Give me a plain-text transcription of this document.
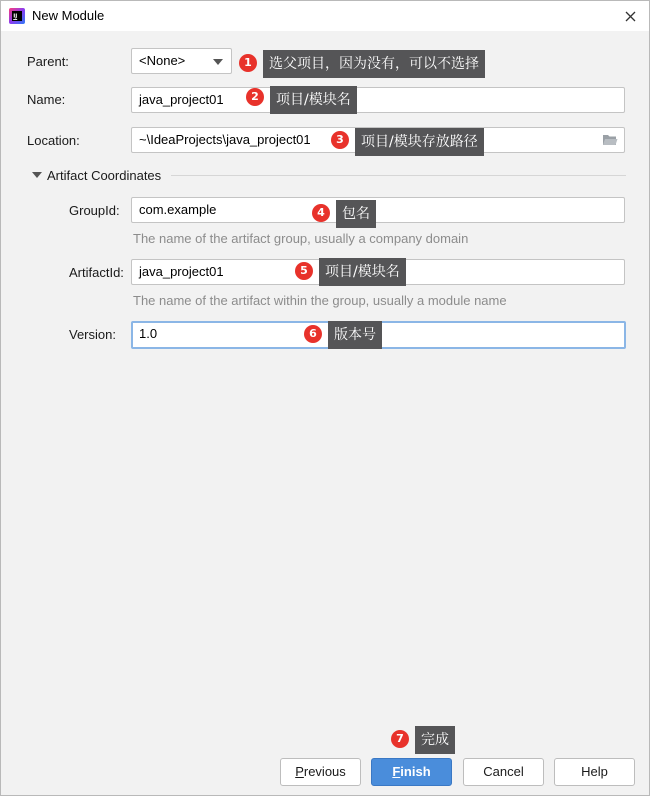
IJ New Module
Parent:	<None>
Name:	java_project01
Location:	~\IdeaProjects\java_project01
Artifact Coordinates
GroupId:	com.example
The name of the artifact group, usually a company domain
ArtifactId:	java_project01
The name of the artifact within the group, usually a module name
Version:	1.0
1	选父项目，因为没有，可以不选择
2	项目/模块名
3	项目/模块存放路径
4	包名
5	项目/模块名
6	版本号
7	完成
Previous	Finish	Cancel	Help
